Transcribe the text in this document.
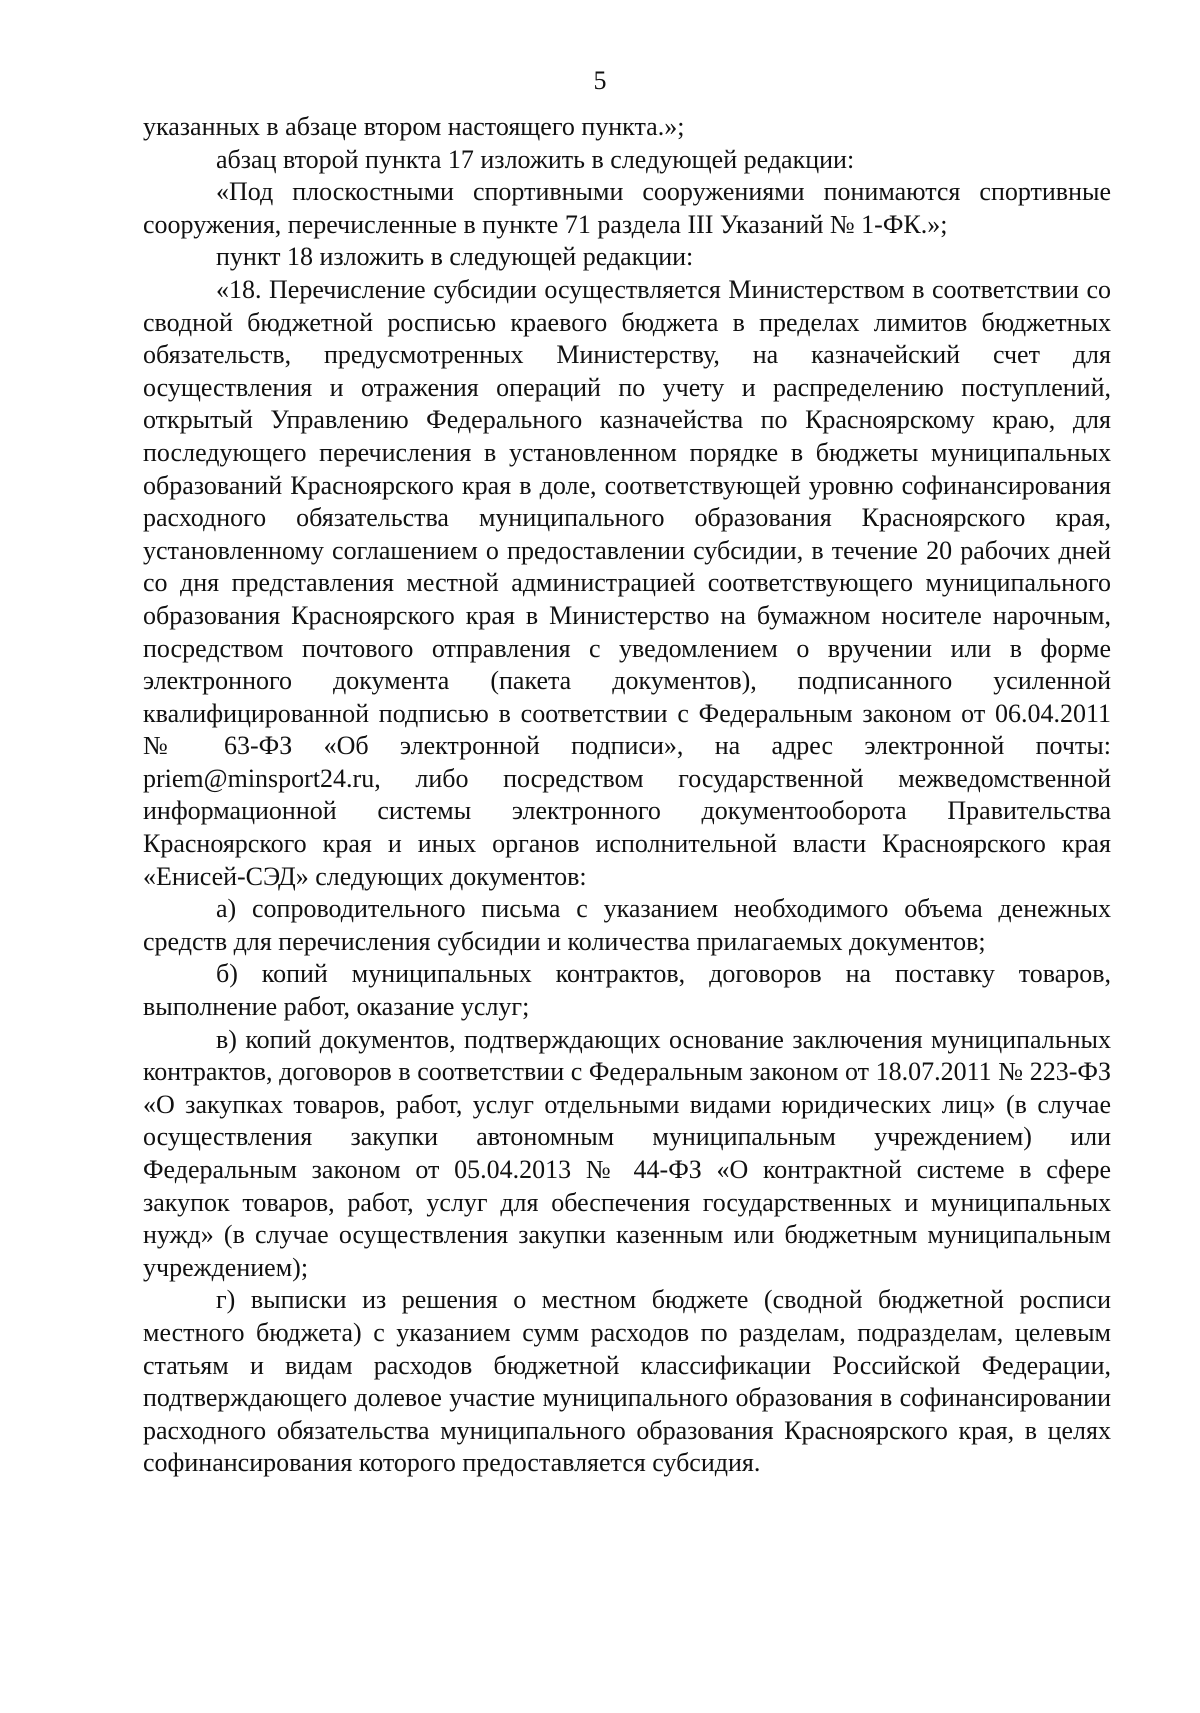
5

указанных в абзаце втором настоящего пункта.»;

абзац второй пункта 17 изложить в следующей редакции:

«Под плоскостными спортивными сооружениями понимаются спортивные сооружения, перечисленные в пункте 71 раздела III Указаний № 1-ФК.»;

пункт 18 изложить в следующей редакции:

«18. Перечисление субсидии осуществляется Министерством в соответствии со сводной бюджетной росписью краевого бюджета в пределах лимитов бюджетных обязательств, предусмотренных Министерству, на казначейский счет для осуществления и отражения операций по учету и распределению поступлений, открытый Управлению Федерального казначейства по Красноярскому краю, для последующего перечисления в установленном порядке в бюджеты муниципальных образований Красноярского края в доле, соответствующей уровню софинансирования расходного обязательства муниципального образования Красноярского края, установленному соглашением о предоставлении субсидии, в течение 20 рабочих дней со дня представления местной администрацией соответствующего муниципального образования Красноярского края в Министерство на бумажном носителе нарочным, посредством почтового отправления с уведомлением о вручении или в форме электронного документа (пакета документов), подписанного усиленной квалифицированной подписью в соответствии с Федеральным законом от 06.04.2011 № 63-ФЗ «Об электронной подписи», на адрес электронной почты: priem@minsport24.ru, либо посредством государственной межведомственной информационной системы электронного документооборота Правительства Красноярского края и иных органов исполнительной власти Красноярского края «Енисей-СЭД» следующих документов:

а) сопроводительного письма с указанием необходимого объема денежных средств для перечисления субсидии и количества прилагаемых документов;

б) копий муниципальных контрактов, договоров на поставку товаров, выполнение работ, оказание услуг;

в) копий документов, подтверждающих основание заключения муниципальных контрактов, договоров в соответствии с Федеральным законом от 18.07.2011 № 223-ФЗ «О закупках товаров, работ, услуг отдельными видами юридических лиц» (в случае осуществления закупки автономным муниципальным учреждением) или Федеральным законом от 05.04.2013 № 44-ФЗ «О контрактной системе в сфере закупок товаров, работ, услуг для обеспечения государственных и муниципальных нужд» (в случае осуществления закупки казенным или бюджетным муниципальным учреждением);

г) выписки из решения о местном бюджете (сводной бюджетной росписи местного бюджета) с указанием сумм расходов по разделам, подразделам, целевым статьям и видам расходов бюджетной классификации Российской Федерации, подтверждающего долевое участие муниципального образования в софинансировании расходного обязательства муниципального образования Красноярского края, в целях софинансирования которого предоставляется субсидия.
